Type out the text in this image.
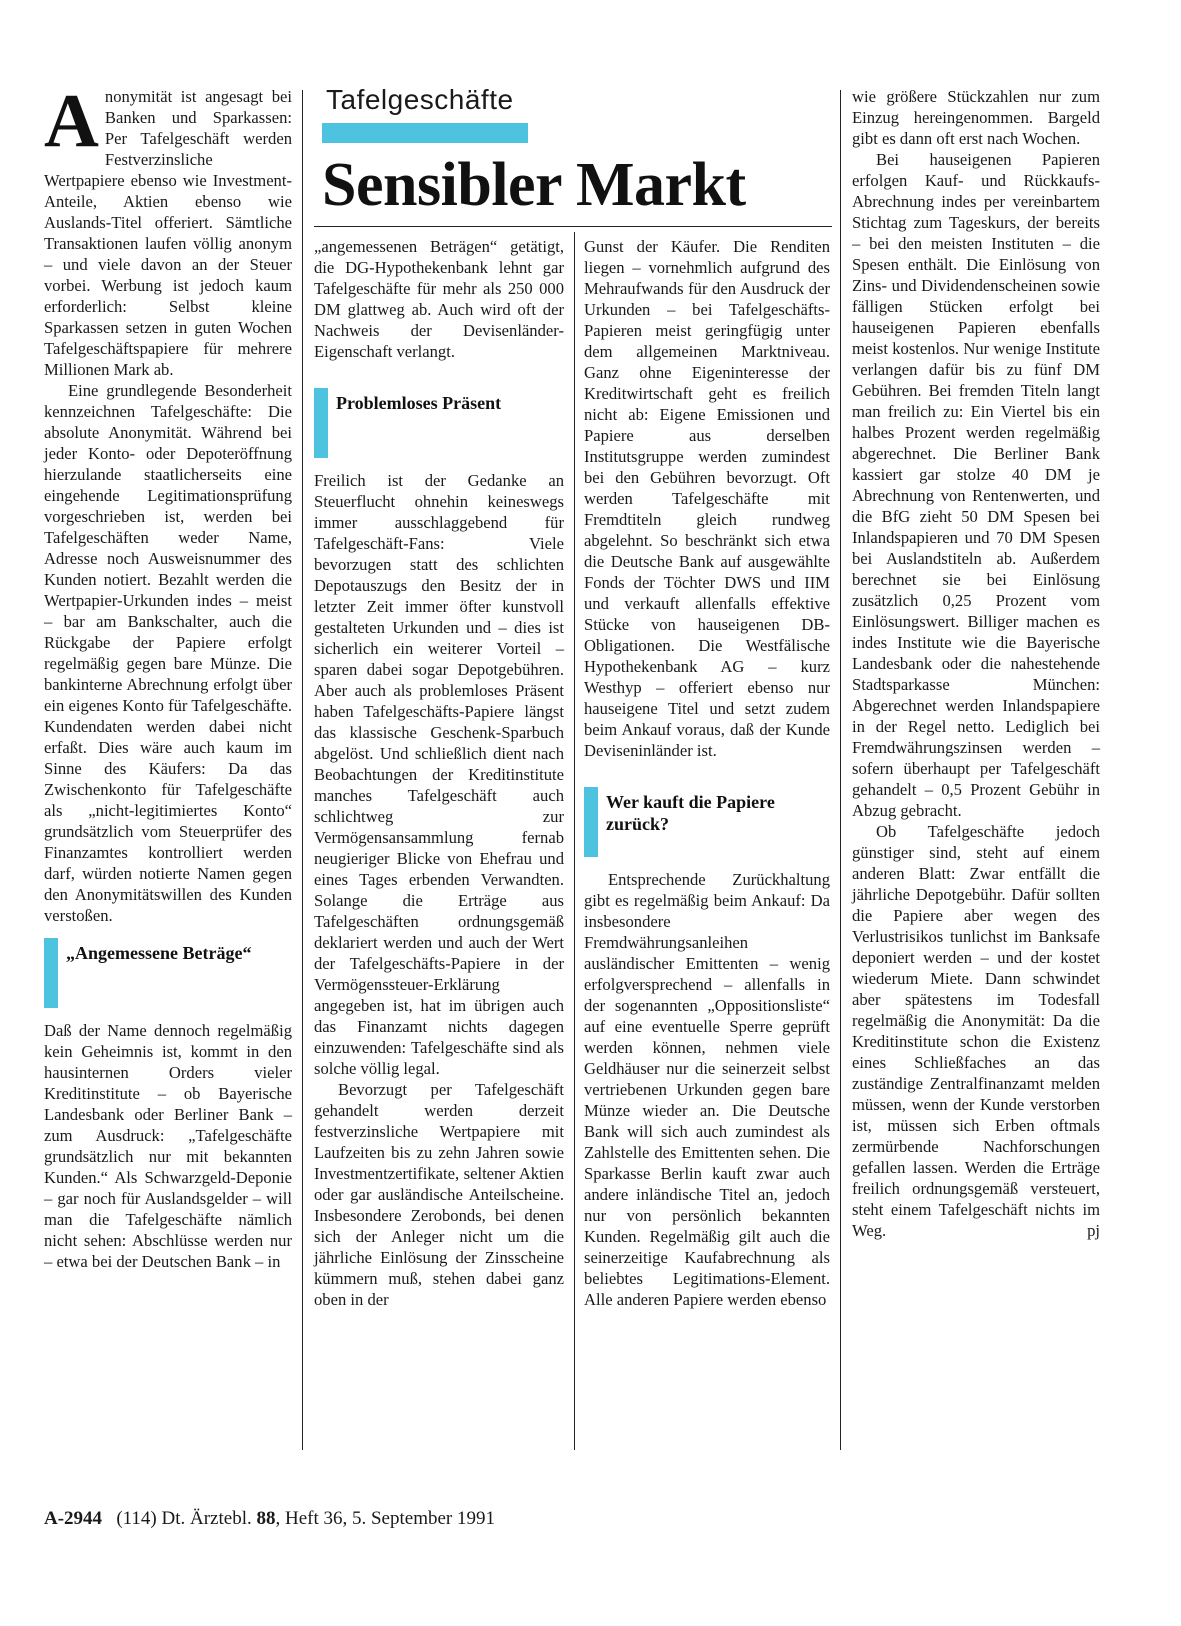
Tafelgeschäfte
Sensibler Markt

Anonymität ist angesagt bei Banken und Sparkassen: Per Tafelgeschäft werden Festverzinsliche Wertpapiere ebenso wie Investment-Anteile, Aktien ebenso wie Auslands-Titel offeriert. Sämtliche Transaktionen laufen völlig anonym – und viele davon an der Steuer vorbei. Werbung ist jedoch kaum erforderlich: Selbst kleine Sparkassen setzen in guten Wochen Tafelgeschäftspapiere für mehrere Millionen Mark ab.

Eine grundlegende Besonderheit kennzeichnen Tafelgeschäfte: Die absolute Anonymität. Während bei jeder Konto- oder Depoteröffnung hierzulande staatlicherseits eine eingehende Legitimationsprüfung vorgeschrieben ist, werden bei Tafelgeschäften weder Name, Adresse noch Ausweisnummer des Kunden notiert. Bezahlt werden die Wertpapier-Urkunden indes – meist – bar am Bankschalter, auch die Rückgabe der Papiere erfolgt regelmäßig gegen bare Münze. Die bankinterne Abrechnung erfolgt über ein eigenes Konto für Tafelgeschäfte. Kundendaten werden dabei nicht erfaßt. Dies wäre auch kaum im Sinne des Käufers: Da das Zwischenkonto für Tafelgeschäfte als „nicht-legitimiertes Konto“ grundsätzlich vom Steuerprüfer des Finanzamtes kontrolliert werden darf, würden notierte Namen gegen den Anonymitätswillen des Kunden verstoßen.

„Angemessene Beträge“

Daß der Name dennoch regelmäßig kein Geheimnis ist, kommt in den hausinternen Orders vieler Kreditinstitute – ob Bayerische Landesbank oder Berliner Bank – zum Ausdruck: „Tafelgeschäfte grundsätzlich nur mit bekannten Kunden.“ Als Schwarzgeld-Deponie – gar noch für Auslandsgelder – will man die Tafelgeschäfte nämlich nicht sehen: Abschlüsse werden nur – etwa bei der Deutschen Bank – in

„angemessenen Beträgen“ getätigt, die DG-Hypothekenbank lehnt gar Tafelgeschäfte für mehr als 250 000 DM glattweg ab. Auch wird oft der Nachweis der Devisenländer-Eigenschaft verlangt.

Problemloses Präsent

Freilich ist der Gedanke an Steuerflucht ohnehin keineswegs immer ausschlaggebend für Tafelgeschäft-Fans: Viele bevorzugen statt des schlichten Depotauszugs den Besitz der in letzter Zeit immer öfter kunstvoll gestalteten Urkunden und – dies ist sicherlich ein weiterer Vorteil – sparen dabei sogar Depotgebühren. Aber auch als problemloses Präsent haben Tafelgeschäfts-Papiere längst das klassische Geschenk-Sparbuch abgelöst. Und schließlich dient nach Beobachtungen der Kreditinstitute manches Tafelgeschäft auch schlichtweg zur Vermögensansammlung fernab neugieriger Blicke von Ehefrau und eines Tages erbenden Verwandten. Solange die Erträge aus Tafelgeschäften ordnungsgemäß deklariert werden und auch der Wert der Tafelgeschäfts-Papiere in der Vermögenssteuer-Erklärung angegeben ist, hat im übrigen auch das Finanzamt nichts dagegen einzuwenden: Tafelgeschäfte sind als solche völlig legal.

Bevorzugt per Tafelgeschäft gehandelt werden derzeit festverzinsliche Wertpapiere mit Laufzeiten bis zu zehn Jahren sowie Investmentzertifikate, seltener Aktien oder gar ausländische Anteilscheine. Insbesondere Zerobonds, bei denen sich der Anleger nicht um die jährliche Einlösung der Zinsscheine kümmern muß, stehen dabei ganz oben in der

Gunst der Käufer. Die Renditen liegen – vornehmlich aufgrund des Mehraufwands für den Ausdruck der Urkunden – bei Tafelgeschäfts-Papieren meist geringfügig unter dem allgemeinen Marktniveau. Ganz ohne Eigeninteresse der Kreditwirtschaft geht es freilich nicht ab: Eigene Emissionen und Papiere aus derselben Institutsgruppe werden zumindest bei den Gebühren bevorzugt. Oft werden Tafelgeschäfte mit Fremdtiteln gleich rundweg abgelehnt. So beschränkt sich etwa die Deutsche Bank auf ausgewählte Fonds der Töchter DWS und IIM und verkauft allenfalls effektive Stücke von hauseigenen DB-Obligationen. Die Westfälische Hypothekenbank AG – kurz Westhyp – offeriert ebenso nur hauseigene Titel und setzt zudem beim Ankauf voraus, daß der Kunde Deviseninländer ist.

Wer kauft die Papiere zurück?

Entsprechende Zurückhaltung gibt es regelmäßig beim Ankauf: Da insbesondere Fremdwährungsanleihen ausländischer Emittenten – wenig erfolgversprechend – allenfalls in der sogenannten „Oppositionsliste“ auf eine eventuelle Sperre geprüft werden können, nehmen viele Geldhäuser nur die seinerzeit selbst vertriebenen Urkunden gegen bare Münze wieder an. Die Deutsche Bank will sich auch zumindest als Zahlstelle des Emittenten sehen. Die Sparkasse Berlin kauft zwar auch andere inländische Titel an, jedoch nur von persönlich bekannten Kunden. Regelmäßig gilt auch die seinerzeitige Kaufabrechnung als beliebtes Legitimations-Element. Alle anderen Papiere werden ebenso

wie größere Stückzahlen nur zum Einzug hereingenommen. Bargeld gibt es dann oft erst nach Wochen.

Bei hauseigenen Papieren erfolgen Kauf- und Rückkaufs-Abrechnung indes per vereinbartem Stichtag zum Tageskurs, der bereits – bei den meisten Instituten – die Spesen enthält. Die Einlösung von Zins- und Dividendenscheinen sowie fälligen Stücken erfolgt bei hauseigenen Papieren ebenfalls meist kostenlos. Nur wenige Institute verlangen dafür bis zu fünf DM Gebühren. Bei fremden Titeln langt man freilich zu: Ein Viertel bis ein halbes Prozent werden regelmäßig abgerechnet. Die Berliner Bank kassiert gar stolze 40 DM je Abrechnung von Rentenwerten, und die BfG zieht 50 DM Spesen bei Inlandspapieren und 70 DM Spesen bei Auslandstiteln ab. Außerdem berechnet sie bei Einlösung zusätzlich 0,25 Prozent vom Einlösungswert. Billiger machen es indes Institute wie die Bayerische Landesbank oder die nahestehende Stadtsparkasse München: Abgerechnet werden Inlandspapiere in der Regel netto. Lediglich bei Fremdwährungszinsen werden – sofern überhaupt per Tafelgeschäft gehandelt – 0,5 Prozent Gebühr in Abzug gebracht.

Ob Tafelgeschäfte jedoch günstiger sind, steht auf einem anderen Blatt: Zwar entfällt die jährliche Depotgebühr. Dafür sollten die Papiere aber wegen des Verlustrisikos tunlichst im Banksafe deponiert werden – und der kostet wiederum Miete. Dann schwindet aber spätestens im Todesfall regelmäßig die Anonymität: Da die Kreditinstitute schon die Existenz eines Schließfaches an das zuständige Zentralfinanzamt melden müssen, wenn der Kunde verstorben ist, müssen sich Erben oftmals zermürbende Nachforschungen gefallen lassen. Werden die Erträge freilich ordnungsgemäß versteuert, steht einem Tafelgeschäft nichts im Weg.	pj

A-2944 (114) Dt. Ärztebl. 88, Heft 36, 5. September 1991
